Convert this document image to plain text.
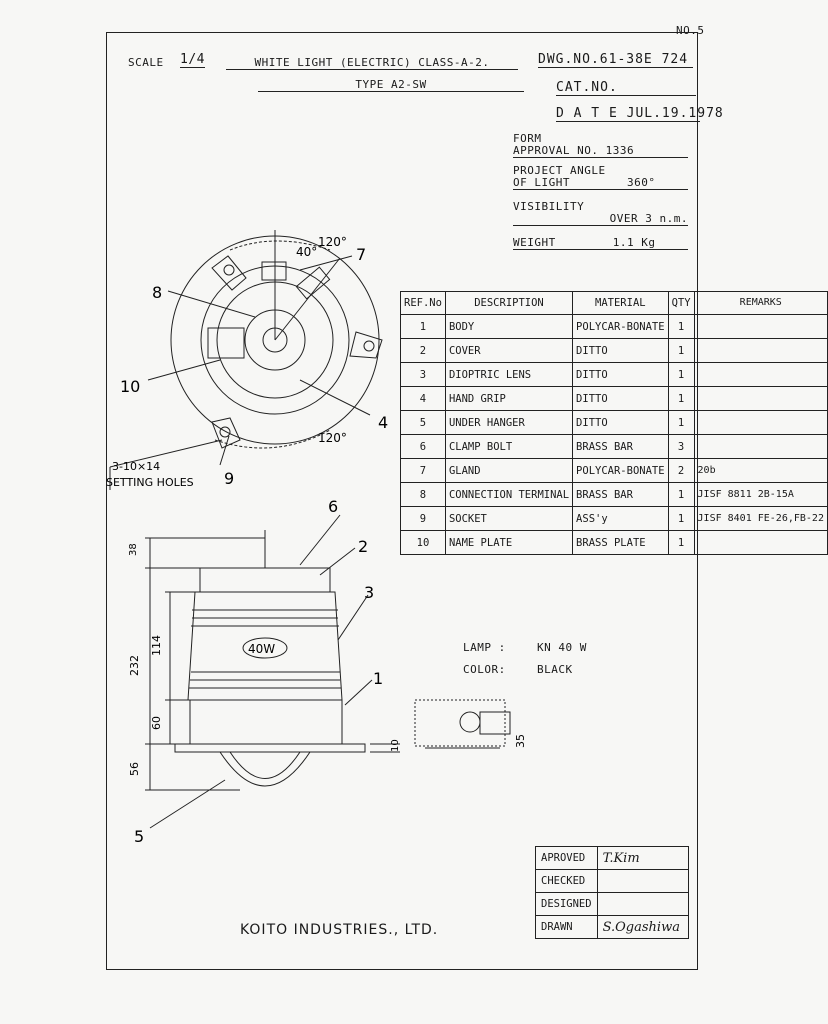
NO.5
SCALE 1/4	WHITE LIGHT (ELECTRIC) CLASS-A-2.
TYPE A2-SW
DWG.NO.61-38E 724
CAT.NO.
D A T E JUL.19.1978
FORM
APPROVAL NO. 1336
PROJECT ANGLE
OF LIGHT	360°
VISIBILITY
OVER 3 n.m.
WEIGHT	1.1 Kg
REF.No	DESCRIPTION	MATERIAL	QTY	REMARKS
1	BODY	POLYCAR-BONATE	1	
2	COVER	DITTO	1	
3	DIOPTRIC LENS	DITTO	1	
4	HAND GRIP	DITTO	1	
5	UNDER HANGER	DITTO	1	
6	CLAMP BOLT	BRASS BAR	3	
7	GLAND	POLYCAR-BONATE	2	20b
8	CONNECTION TERMINAL	BRASS BAR	1	JISF 8811 2B-15A
9	SOCKET	ASS'y	1	JISF 8401 FE-26,FB-22
10	NAME PLATE	BRASS PLATE	1	
LAMP :	KN 40 W
COLOR:	BLACK
120°
40°
120°
3-10×14
SETTING HOLES
40W
38
232
114
60
56
10	35
1
2
3
4
5
6
7
8
9
10
APROVED	T.Kim
CHECKED	
DESIGNED	
DRAWN	S.Ogashiwa
KOITO INDUSTRIES., LTD.
